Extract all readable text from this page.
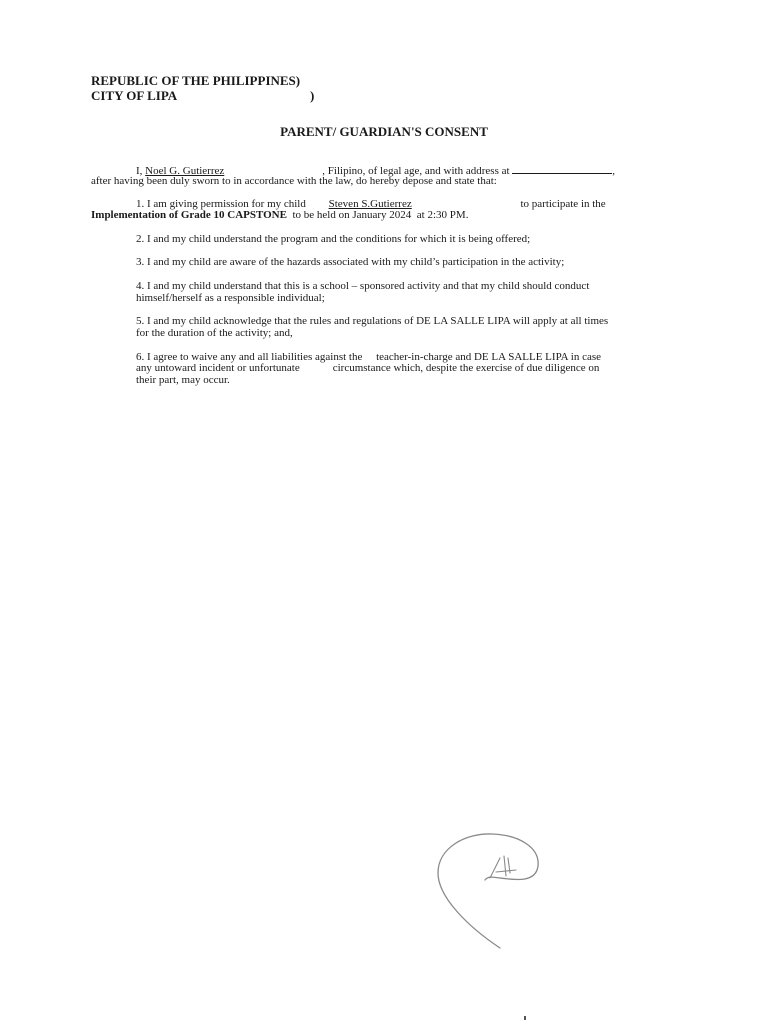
REPUBLIC OF THE PHILIPPINES)
CITY OF LIPA	)
PARENT/ GUARDIAN'S CONSENT
I, Noel G. Gutierrez	, Filipino, of legal age, and with address at	,
after having been duly sworn to in accordance with the law, do hereby depose and state that:
1. I am giving permission for my child Steven S.Gutierrez	to participate in the
Implementation of Grade 10 CAPSTONE  to be held on January 2024  at 2:30 PM.
2. I and my child understand the program and the conditions for which it is being offered;
3. I and my child are aware of the hazards associated with my child’s participation in the activity;
4. I and my child understand that this is a school – sponsored activity and that my child should conduct
himself/herself as a responsible individual;
5. I and my child acknowledge that the rules and regulations of DE LA SALLE LIPA will apply at all times
for the duration of the activity; and,
6. I agree to waive any and all liabilities against the     teacher-in-charge and DE LA SALLE LIPA in case
any untoward incident or unfortunate            circumstance which, despite the exercise of due diligence on
their part, may occur.
